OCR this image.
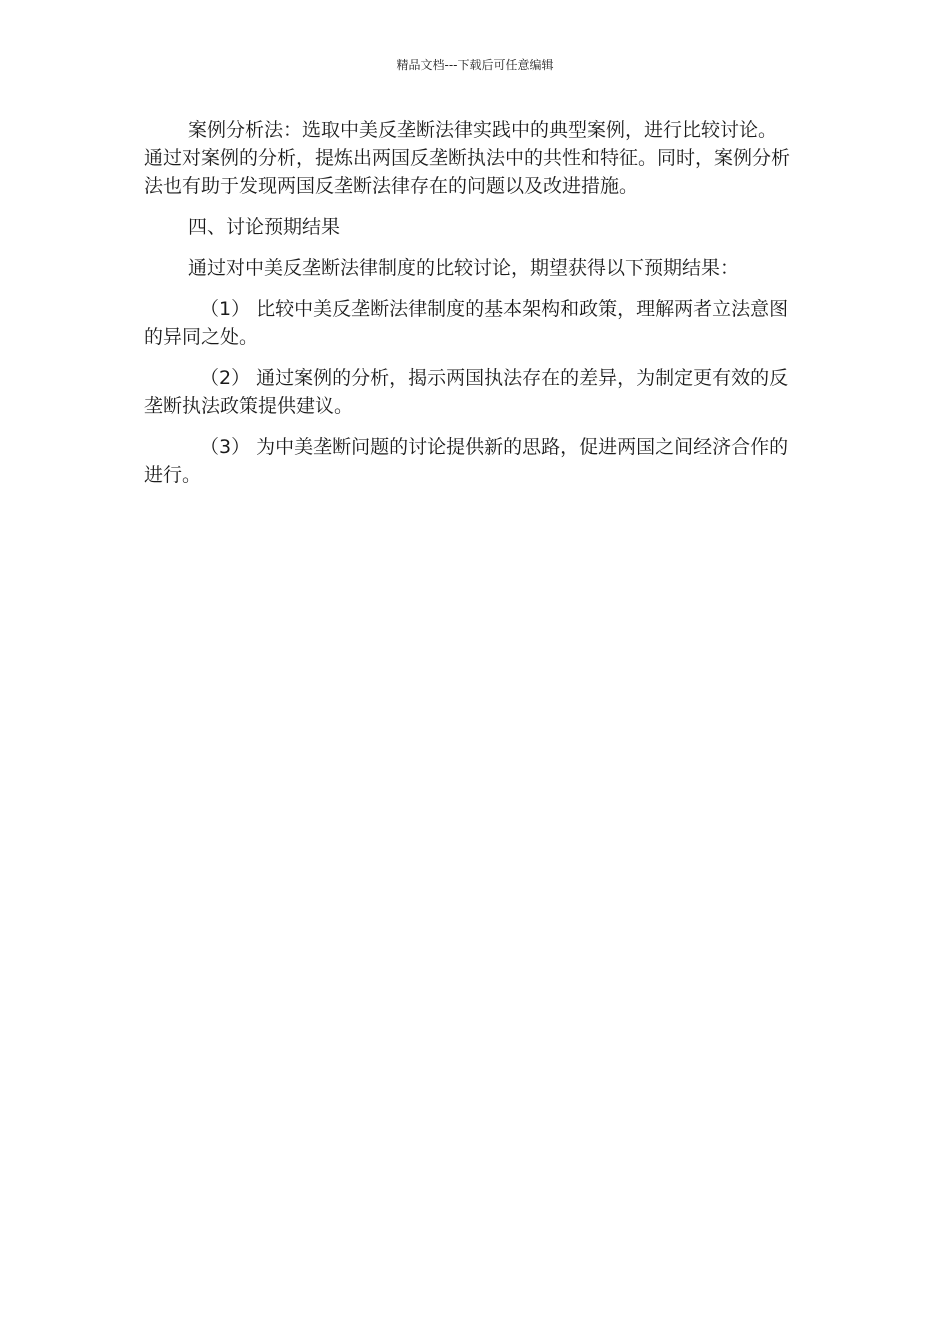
精品文档---下载后可任意编辑

案例分析法：选取中美反垄断法律实践中的典型案例，进行比较讨论。通过对案例的分析，提炼出两国反垄断执法中的共性和特征。同时，案例分析法也有助于发现两国反垄断法律存在的问题以及改进措施。

四、讨论预期结果

通过对中美反垄断法律制度的比较讨论，期望获得以下预期结果：

（1） 比较中美反垄断法律制度的基本架构和政策，理解两者立法意图的异同之处。

（2） 通过案例的分析，揭示两国执法存在的差异，为制定更有效的反垄断执法政策提供建议。

（3） 为中美垄断问题的讨论提供新的思路，促进两国之间经济合作的进行。
